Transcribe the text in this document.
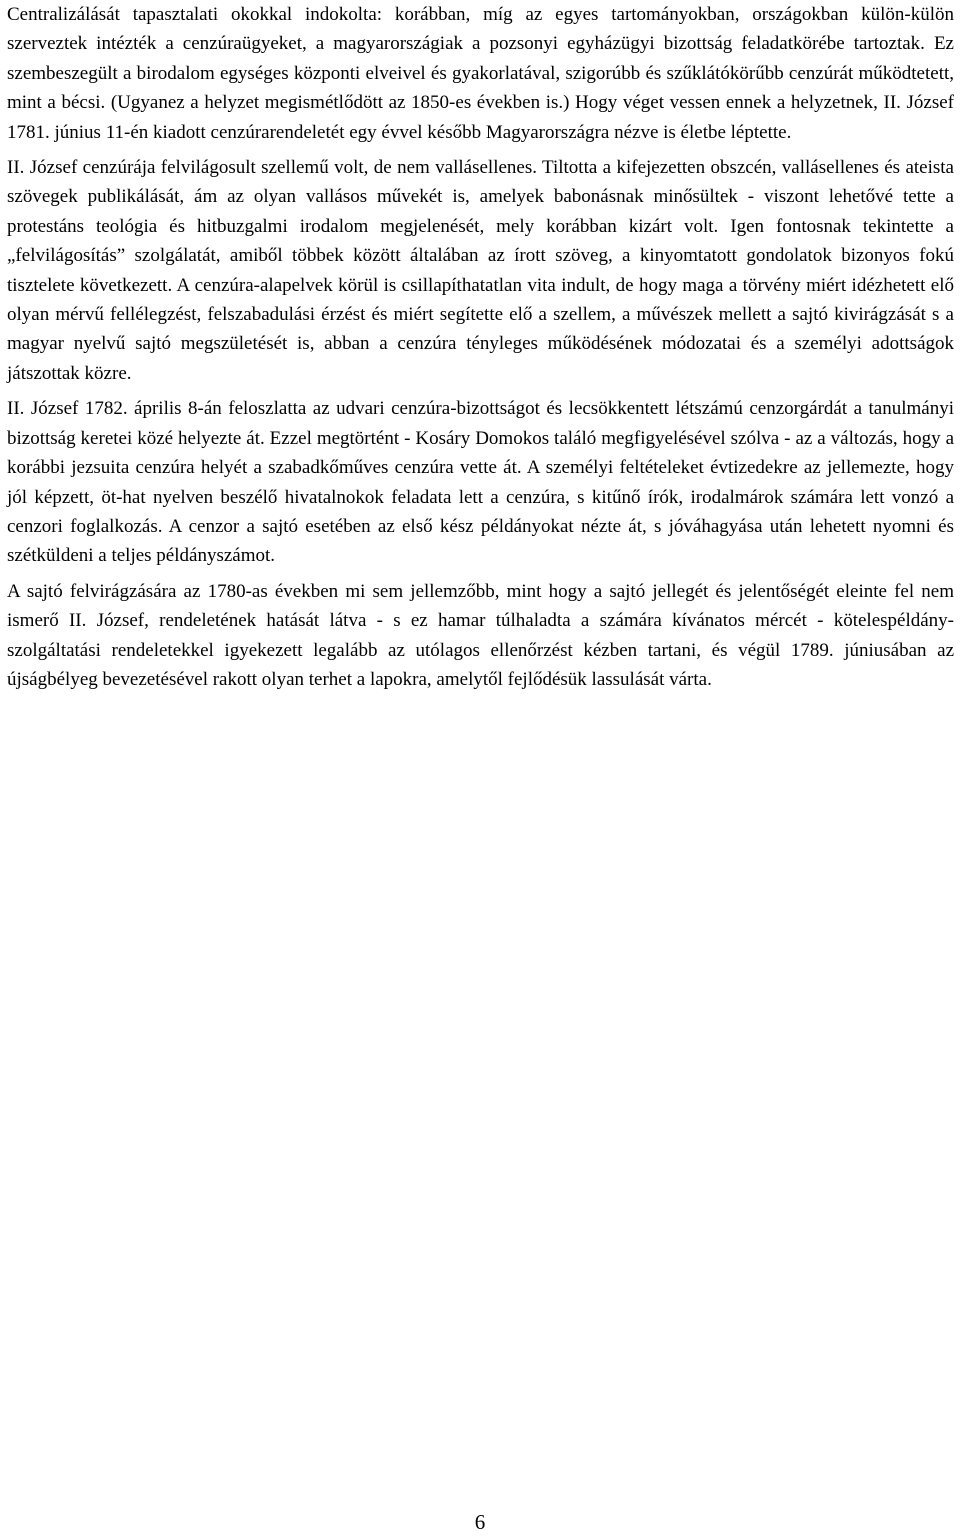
Centralizálását tapasztalati okokkal indokolta: korábban, míg az egyes tartományokban, országokban külön-külön szerveztek intézték a cenzúraügyeket, a magyarországiak a pozsonyi egyházügyi bizottság feladatkörébe tartoztak. Ez szembeszegült a birodalom egységes központi elveivel és gyakorlatával, szigorúbb és szűklátókörűbb cenzúrát működtetett, mint a bécsi. (Ugyanez a helyzet megismétlődött az 1850-es években is.) Hogy véget vessen ennek a helyzetnek, II. József 1781. június 11-én kiadott cenzúrarendeletét egy évvel később Magyarországra nézve is életbe léptette.

II. József cenzúrája felvilágosult szellemű volt, de nem vallásellenes. Tiltotta a kifejezetten obszcén, vallásellenes és ateista szövegek publikálását, ám az olyan vallásos művekét is, amelyek babonásnak minősültek - viszont lehetővé tette a protestáns teológia és hitbuzgalmi irodalom megjelenését, mely korábban kizárt volt. Igen fontosnak tekintette a „felvilágosítás” szolgálatát, amiből többek között általában az írott szöveg, a kinyomtatott gondolatok bizonyos fokú tisztelete következett. A cenzúra-alapelvek körül is csillapíthatatlan vita indult, de hogy maga a törvény miért idézhetett elő olyan mérvű fellélegzést, felszabadulási érzést és miért segítette elő a szellem, a művészek mellett a sajtó kivirágzását s a magyar nyelvű sajtó megszületését is, abban a cenzúra tényleges működésének módozatai és a személyi adottságok játszottak közre.

II. József 1782. április 8-án feloszlatta az udvari cenzúra-bizottságot és lecsökkentett létszámú cenzorgárdát a tanulmányi bizottság keretei közé helyezte át. Ezzel megtörtént - Kosáry Domokos találó megfigyelésével szólva - az a változás, hogy a korábbi jezsuita cenzúra helyét a szabadkőműves cenzúra vette át. A személyi feltételeket évtizedekre az jellemezte, hogy jól képzett, öt-hat nyelven beszélő hivatalnokok feladata lett a cenzúra, s kitűnő írók, irodalmárok számára lett vonzó a cenzori foglalkozás. A cenzor a sajtó esetében az első kész példányokat nézte át, s jóváhagyása után lehetett nyomni és szétküldeni a teljes példányszámot.

A sajtó felvirágzására az 1780-as években mi sem jellemzőbb, mint hogy a sajtó jellegét és jelentőségét eleinte fel nem ismerő II. József, rendeletének hatását látva - s ez hamar túlhaladta a számára kívánatos mércét - kötelespéldány-szolgáltatási rendeletekkel igyekezett legalább az utólagos ellenőrzést kézben tartani, és végül 1789. júniusában az újságbélyeg bevezetésével rakott olyan terhet a lapokra, amelytől fejlődésük lassulását várta.

6
